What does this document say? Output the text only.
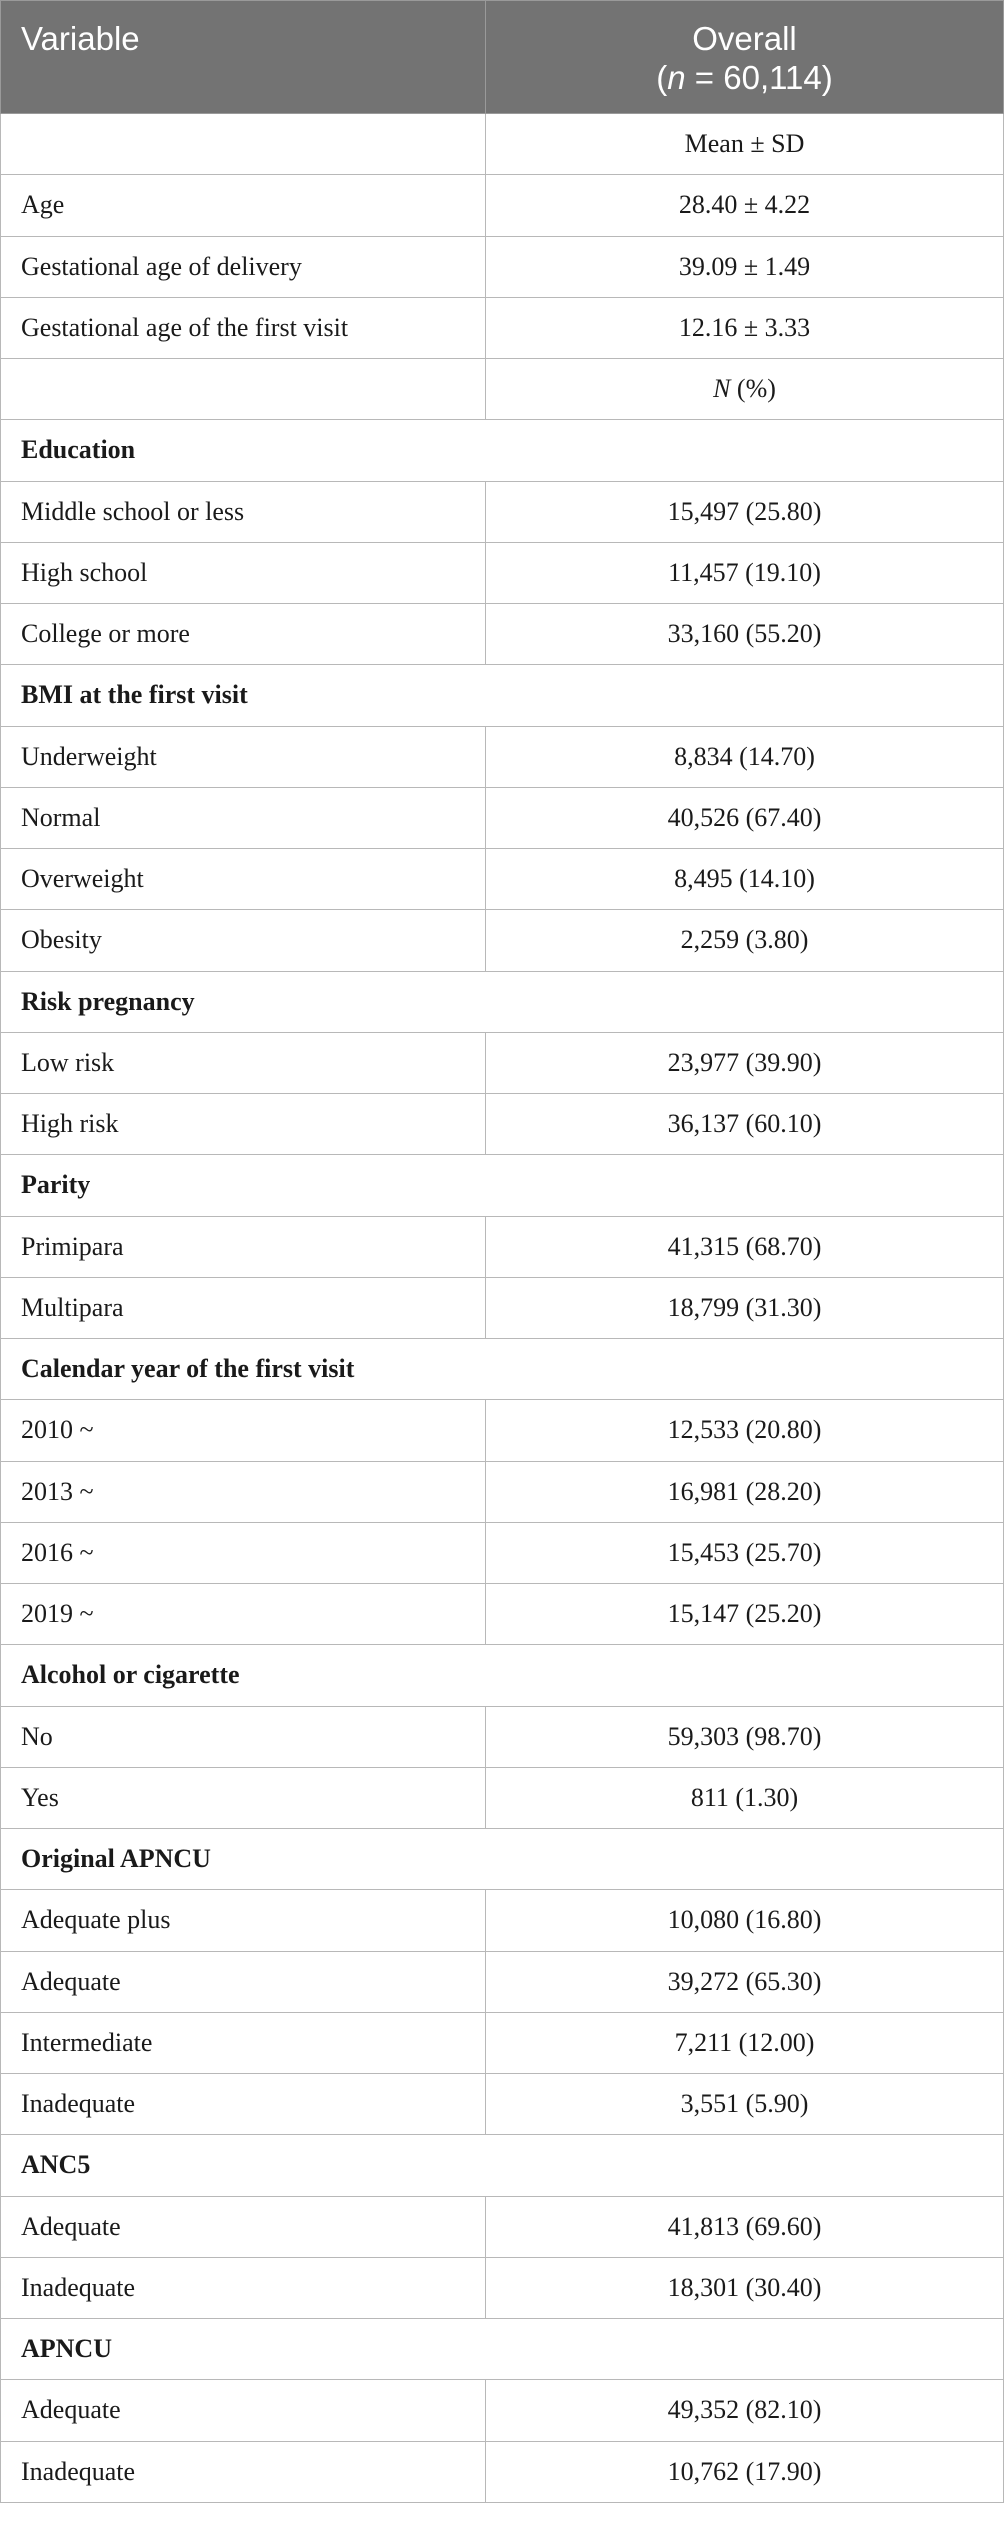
Variable	Overall
(n = 60,114)
	Mean ± SD
Age	28.40 ± 4.22
Gestational age of delivery	39.09 ± 1.49
Gestational age of the first visit	12.16 ± 3.33
	N (%)
Education	
Middle school or less	15,497 (25.80)
High school	11,457 (19.10)
College or more	33,160 (55.20)
BMI at the first visit	
Underweight	8,834 (14.70)
Normal	40,526 (67.40)
Overweight	8,495 (14.10)
Obesity	2,259 (3.80)
Risk pregnancy	
Low risk	23,977 (39.90)
High risk	36,137 (60.10)
Parity	
Primipara	41,315 (68.70)
Multipara	18,799 (31.30)
Calendar year of the first visit	
2010 ~	12,533 (20.80)
2013 ~	16,981 (28.20)
2016 ~	15,453 (25.70)
2019 ~	15,147 (25.20)
Alcohol or cigarette	
No	59,303 (98.70)
Yes	811 (1.30)
Original APNCU	
Adequate plus	10,080 (16.80)
Adequate	39,272 (65.30)
Intermediate	7,211 (12.00)
Inadequate	3,551 (5.90)
ANC5	
Adequate	41,813 (69.60)
Inadequate	18,301 (30.40)
APNCU	
Adequate	49,352 (82.10)
Inadequate	10,762 (17.90)
